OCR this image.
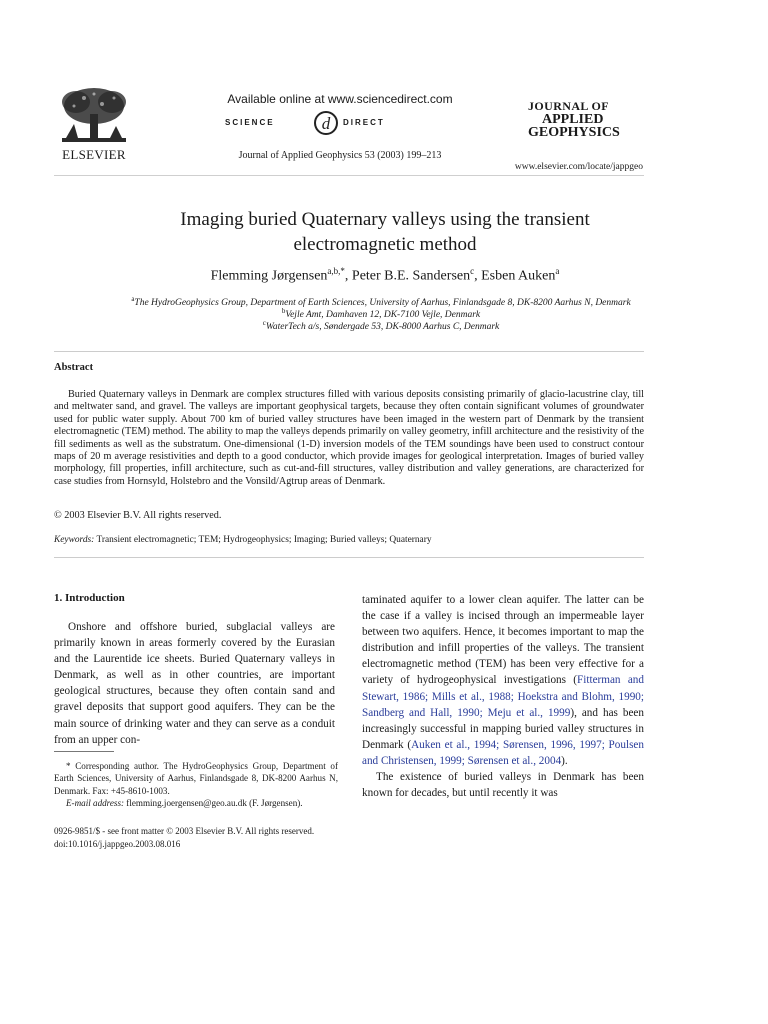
ELSEVIER
Available online at www.sciencedirect.com
SCIENCE	d DIRECT
Journal of Applied Geophysics 53 (2003) 199–213
JOURNAL OF
APPLIED
GEOPHYSICS
www.elsevier.com/locate/jappgeo
Imaging buried Quaternary valleys using the transient
electromagnetic method
Flemming Jørgensen$^{a,b,*}$, Peter B.E. Sandersen$^c$, Esben Auken$^a$
$^a$The HydroGeophysics Group, Department of Earth Sciences, University of Aarhus, Finlandsgade 8, DK-8200 Aarhus N, Denmark
$^b$Vejle Amt, Damhaven 12, DK-7100 Vejle, Denmark
$^c$WaterTech a/s, Søndergade 53, DK-8000 Aarhus C, Denmark
Abstract
Buried Quaternary valleys in Denmark are complex structures filled with various deposits consisting primarily of glacio-lacustrine clay, till and meltwater sand, and gravel. The valleys are important geophysical targets, because they often contain significant volumes of groundwater used for public water supply. About 700 km of buried valley structures have been imaged in the western part of Denmark by the transient electromagnetic (TEM) method. The ability to map the valleys depends primarily on valley geometry, infill architecture and the resistivity of the fill sediments as well as the substratum. One-dimensional (1-D) inversion models of the TEM soundings have been used to construct contour maps of 20 m average resistivities and depth to a good conductor, which provide images for geological interpretation. Images of buried valley morphology, fill properties, infill architecture, such as cut-and-fill structures, valley distribution and valley generations, are characterized for case studies from Hornsyld, Holstebro and the Vonsild/Agtrup areas of Denmark.
© 2003 Elsevier B.V. All rights reserved.
Keywords: Transient electromagnetic; TEM; Hydrogeophysics; Imaging; Buried valleys; Quaternary
1. Introduction

Onshore and offshore buried, subglacial valleys are primarily known in areas formerly covered by the Eurasian and the Laurentide ice sheets. Buried Quaternary valleys in Denmark, as well as in other countries, are important geological structures, because they often contain sand and gravel deposits that support good aquifers. They can be the main source of drinking water and they can serve as a conduit from an upper con-

* Corresponding author. The HydroGeophysics Group, Department of Earth Sciences, University of Aarhus, Finlandsgade 8, DK-8200 Aarhus N, Denmark. Fax: +45-8610-1003.
E-mail address: flemming.joergensen@geo.au.dk (F. Jørgensen).
0926-9851/$ - see front matter © 2003 Elsevier B.V. All rights reserved.
doi:10.1016/j.jappgeo.2003.08.016

taminated aquifer to a lower clean aquifer. The latter can be the case if a valley is incised through an impermeable layer between two aquifers. Hence, it becomes important to map the distribution and infill properties of the valleys. The transient electromagnetic method (TEM) has been very effective for a variety of hydrogeophysical investigations (Fitterman and Stewart, 1986; Mills et al., 1988; Hoekstra and Blohm, 1990; Sandberg and Hall, 1990; Meju et al., 1999), and has been increasingly successful in mapping buried valley structures in Denmark (Auken et al., 1994; Sørensen, 1996, 1997; Poulsen and Christensen, 1999; Sørensen et al., 2004).

The existence of buried valleys in Denmark has been known for decades, but until recently it was
